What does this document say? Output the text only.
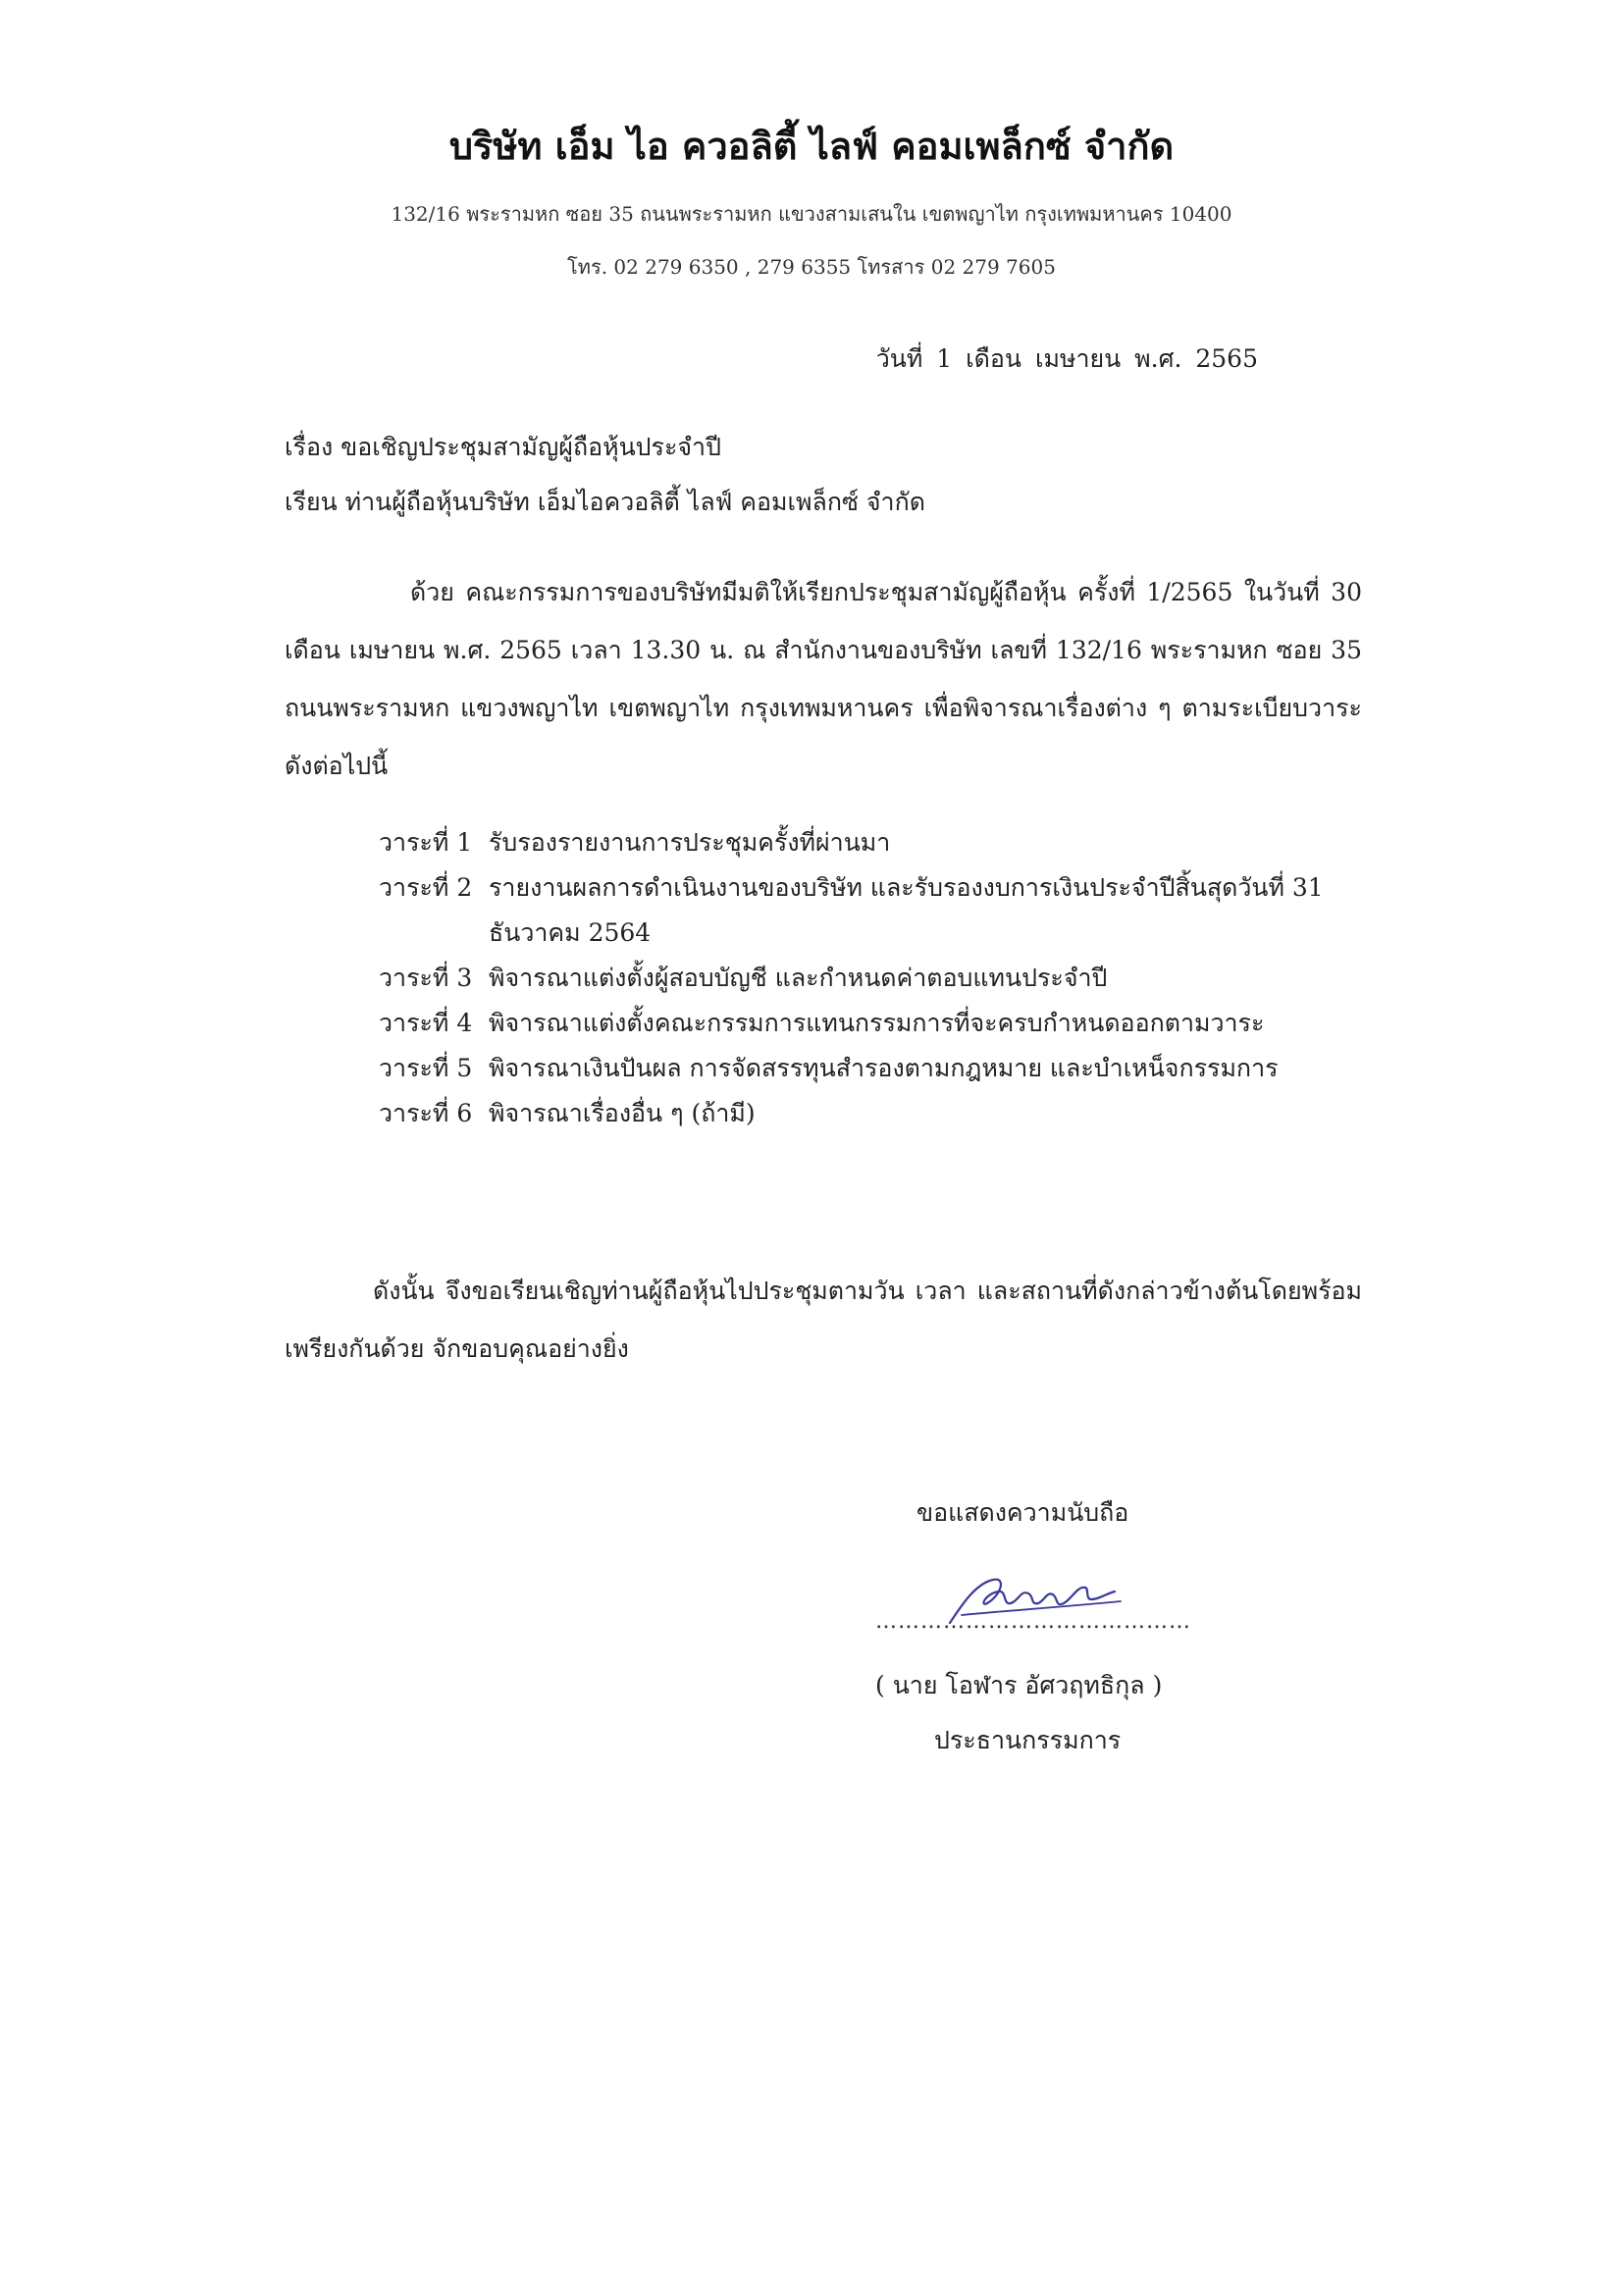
บริษัท เอ็ม ไอ ควอลิตี้ ไลฟ์ คอมเพล็กซ์ จำกัด
132/16 พระรามหก ซอย 35 ถนนพระรามหก แขวงสามเสนใน เขตพญาไท กรุงเทพมหานคร 10400
โทร. 02 279 6350 , 279 6355 โทรสาร 02 279 7605
วันที่ 1 เดือน เมษายน พ.ศ. 2565
เรื่อง ขอเชิญประชุมสามัญผู้ถือหุ้นประจำปี
เรียน ท่านผู้ถือหุ้นบริษัท เอ็มไอควอลิตี้ ไลฟ์ คอมเพล็กซ์ จำกัด
ด้วย คณะกรรมการของบริษัทมีมติให้เรียกประชุมสามัญผู้ถือหุ้น ครั้งที่ 1/2565 ในวันที่ 30 เดือน เมษายน พ.ศ. 2565 เวลา 13.30 น. ณ สำนักงานของบริษัท เลขที่ 132/16 พระรามหก ซอย 35 ถนนพระรามหก แขวงพญาไท เขตพญาไท กรุงเทพมหานคร เพื่อพิจารณาเรื่องต่าง ๆ ตามระเบียบวาระดังต่อไปนี้
วาระที่ 1 รับรองรายงานการประชุมครั้งที่ผ่านมา
วาระที่ 2 รายงานผลการดำเนินงานของบริษัท และรับรองงบการเงินประจำปีสิ้นสุดวันที่ 31 ธันวาคม 2564
วาระที่ 3 พิจารณาแต่งตั้งผู้สอบบัญชี และกำหนดค่าตอบแทนประจำปี
วาระที่ 4 พิจารณาแต่งตั้งคณะกรรมการแทนกรรมการที่จะครบกำหนดออกตามวาระ
วาระที่ 5 พิจารณาเงินปันผล การจัดสรรทุนสำรองตามกฎหมาย และบำเหน็จกรรมการ
วาระที่ 6 พิจารณาเรื่องอื่น ๆ (ถ้ามี)
ดังนั้น จึงขอเรียนเชิญท่านผู้ถือหุ้นไปประชุมตามวัน เวลา และสถานที่ดังกล่าวข้างต้นโดยพร้อมเพรียงกันด้วย จักขอบคุณอย่างยิ่ง
ขอแสดงความนับถือ
……………………………………
( นาย โอฬาร อัศวฤทธิกุล )
ประธานกรรมการ
